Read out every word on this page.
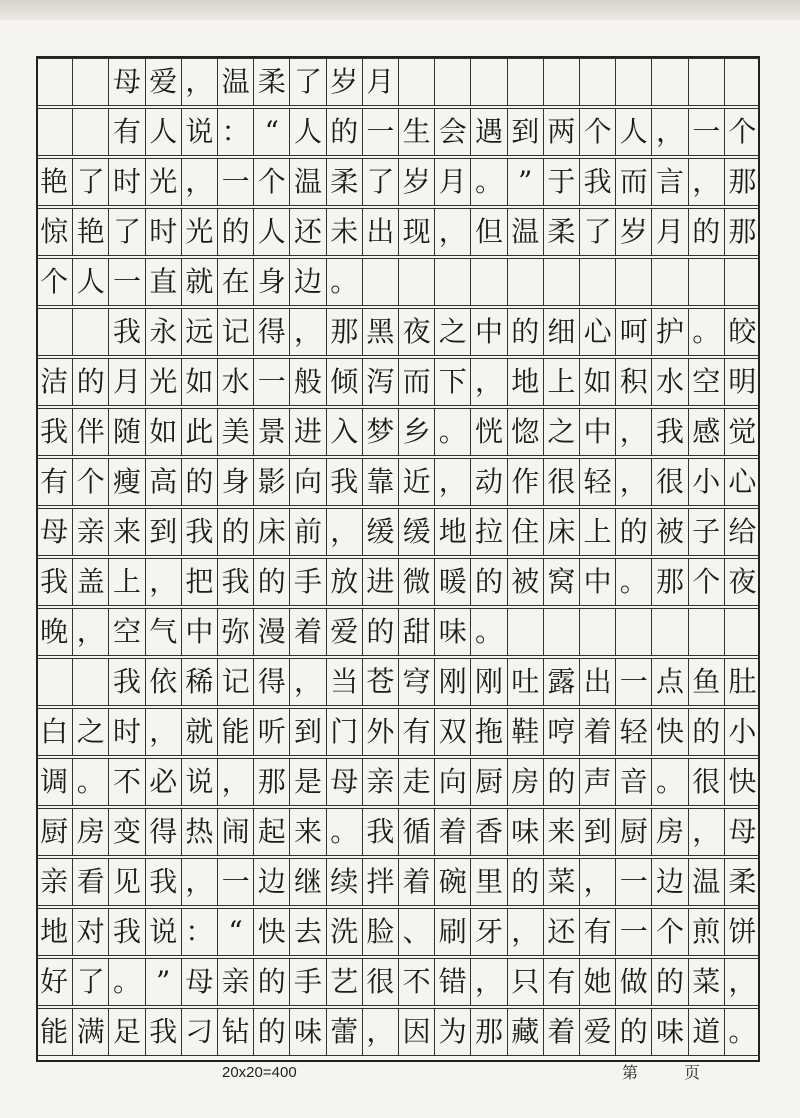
母 爱 ， 温 柔 了 岁 月
有 人 说 ： “ 人 的 一 生 会 遇 到 两 个 人 ， 一 个
艳 了 时 光 ， 一 个 温 柔 了 岁 月 。 ” 于 我 而 言 ， 那
惊 艳 了 时 光 的 人 还 未 出 现 ， 但 温 柔 了 岁 月 的 那
个 人 一 直 就 在 身 边 。
我 永 远 记 得 ， 那 黑 夜 之 中 的 细 心 呵 护 。 皎
洁 的 月 光 如 水 一 般 倾 泻 而 下 ， 地 上 如 积 水 空 明
我 伴 随 如 此 美 景 进 入 梦 乡 。 恍 惚 之 中 ， 我 感 觉
有 个 瘦 高 的 身 影 向 我 靠 近 ， 动 作 很 轻 ， 很 小 心
母 亲 来 到 我 的 床 前 ， 缓 缓 地 拉 住 床 上 的 被 子 给
我 盖 上 ， 把 我 的 手 放 进 微 暖 的 被 窝 中 。 那 个 夜
晚 ， 空 气 中 弥 漫 着 爱 的 甜 味 。
我 依 稀 记 得 ， 当 苍 穹 刚 刚 吐 露 出 一 点 鱼 肚
白 之 时 ， 就 能 听 到 门 外 有 双 拖 鞋 哼 着 轻 快 的 小
调 。 不 必 说 ， 那 是 母 亲 走 向 厨 房 的 声 音 。 很 快
厨 房 变 得 热 闹 起 来 。 我 循 着 香 味 来 到 厨 房 ， 母
亲 看 见 我 ， 一 边 继 续 拌 着 碗 里 的 菜 ， 一 边 温 柔
地 对 我 说 ： “ 快 去 洗 脸 、 刷 牙 ， 还 有 一 个 煎 饼
好 了 。 ” 母 亲 的 手 艺 很 不 错 ， 只 有 她 做 的 菜 ，
能 满 足 我 刁 钻 的 味 蕾 ， 因 为 那 藏 着 爱 的 味 道 。
20x20=400	第	页
